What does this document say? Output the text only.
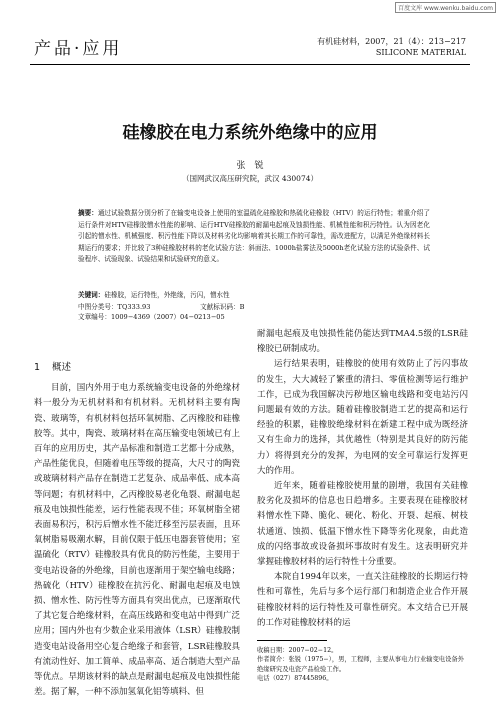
百度文库 www.wenku.baidu.com
产品·应用	有机硅材料，2007，21（4）：213−217
SILICONE MATERIAL
硅橡胶在电力系统外绝缘中的应用
张　锐
（国网武汉高压研究院，武汉 430074）
摘要：通过试验数据分别分析了在输变电设备上使用的室温硫化硅橡胶和热硫化硅橡胶（HTV）的运行特性；着重介绍了运行条件对HTV硅橡胶憎水性能的影响、运行HTV硅橡胶的耐漏电起痕及蚀损性能、机械性能和积污特性。认为因老化引起的憎水性、机械强度、积污性能下降以及材料劣化均影响着其长期工作的可靠性，需改进配方，以满足外绝缘材料长期运行的要求；并比较了3种硅橡胶材料的老化试验方法：斜面法、1000h盐雾法及5000h老化试验方法的试验条件、试验程序、试验现象、试验结果和试验研究的意义。
关键词：硅橡胶，运行特性，外绝缘，污闪，憎水性
中图分类号：TQ333.93	文献标识码：B 文章编号：1009−4369（2007）04−0213−05
1 概述

目前，国内外用于电力系统输变电设备的外绝缘材料一般分为无机材料和有机材料。无机材料主要有陶瓷、玻璃等，有机材料包括环氧树脂、乙丙橡胶和硅橡胶等。其中，陶瓷、玻璃材料在高压输变电领域已有上百年的应用历史，其产品标准和制造工艺都十分成熟，产品性能优良，但随着电压等级的提高，大尺寸的陶瓷或玻璃材料产品存在制造工艺复杂、成品率低、成本高等问题；有机材料中，乙丙橡胶易老化龟裂、耐漏电起痕及电蚀损性能差，运行性能表现不佳；环氧树脂全裙表面易积污，积污后憎水性不能迁移至污层表面，且环氧树脂易吸潮水解，目前仅限于低压电器套管使用；室温硫化（RTV）硅橡胶具有优良的防污性能，主要用于变电站设备的外绝缘，目前也逐渐用于架空输电线路；热硫化（HTV）硅橡胶在抗污化、耐漏电起痕及电蚀损、憎水性、防污性等方面具有突出优点，已逐渐取代了其它复合绝缘材料，在高压线路和变电站中得到广泛应用；国内外也有少数企业采用液体（LSR）硅橡胶制造变电站设备用空心复合绝缘子和套管，LSR硅橡胶具有流动性好、加工简单、成品率高、适合制造大型产品等优点。早期该材料的缺点是耐漏电起痕及电蚀损性能差。据了解，一种不添加氢氧化铝等填料、但

耐漏电起痕及电蚀损性能仍能达到TMA4.5级的LSR硅橡胶已研制成功。

运行结果表明，硅橡胶的使用有效防止了污闪事故的发生，大大减轻了繁重的清扫、零值检测等运行维护工作，已成为我国解决污秽地区输电线路和变电站污闪问题最有效的方法。随着硅橡胶制造工艺的提高和运行经验的积累，硅橡胶绝缘材料在新建工程中成为既经济又有生命力的选择，其优越性（特别是其良好的防污能力）将得到充分的发挥，为电网的安全可靠运行发挥更大的作用。

近年来，随着硅橡胶使用量的剧增，我国有关硅橡胶劣化及损坏的信息也日趋增多。主要表现在硅橡胶材料憎水性下降、脆化、硬化、粉化、开裂、起痕、树枝状通道、蚀损、低温下憎水性下降等劣化现象，由此造成的闪络事故或设备损坏事故时有发生。这表明研究并掌握硅橡胶材料的运行特性十分重要。

本院自1994年以来，一直关注硅橡胶的长期运行特性和可靠性，先后与多个运行部门和制造企业合作开展硅橡胶材料的运行特性及可靠性研究。本文结合已开展的工作对硅橡胶材料的运

收稿日期：2007−02−12。
作者简介：张锐（1975−），男，工程师，主要从事电力行业输变电设备外绝缘研究及电瓷产品检验工作。
电话（027）87445896。
